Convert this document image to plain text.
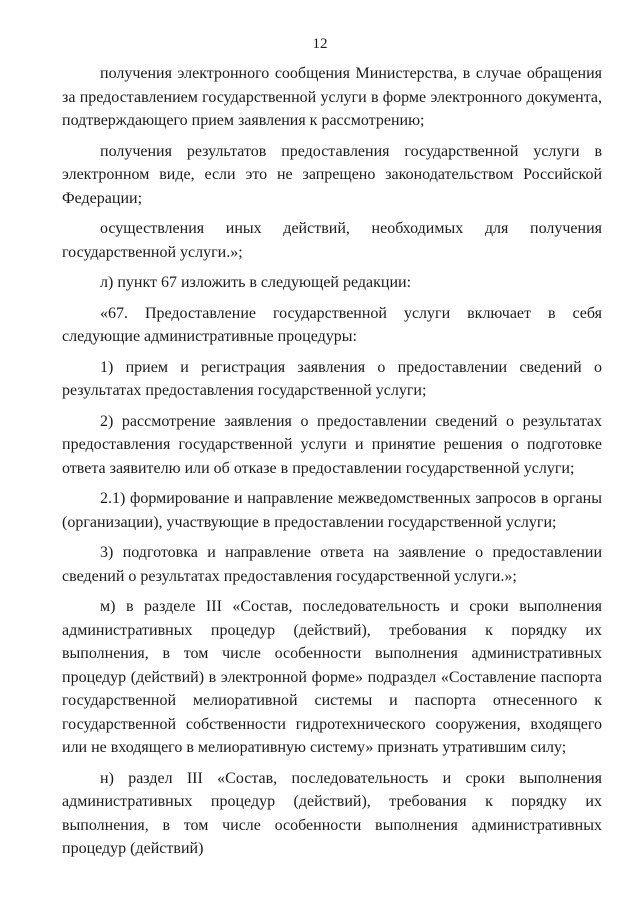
12

получения электронного сообщения Министерства, в случае обращения за предоставлением государственной услуги в форме электронного документа, подтверждающего прием заявления к рассмотрению;

получения результатов предоставления государственной услуги в электронном виде, если это не запрещено законодательством Российской Федерации;

осуществления иных действий, необходимых для получения государственной услуги.»;

л) пункт 67 изложить в следующей редакции:

«67. Предоставление государственной услуги включает в себя следующие административные процедуры:

1) прием и регистрация заявления о предоставлении сведений о результатах предоставления государственной услуги;

2) рассмотрение заявления о предоставлении сведений о результатах предоставления государственной услуги и принятие решения о подготовке ответа заявителю или об отказе в предоставлении государственной услуги;

2.1) формирование и направление межведомственных запросов в органы (организации), участвующие в предоставлении государственной услуги;

3) подготовка и направление ответа на заявление о предоставлении сведений о результатах предоставления государственной услуги.»;

м) в разделе III «Состав, последовательность и сроки выполнения административных процедур (действий), требования к порядку их выполнения, в том числе особенности выполнения административных процедур (действий) в электронной форме» подраздел «Составление паспорта государственной мелиоративной системы и паспорта отнесенного к государственной собственности гидротехнического сооружения, входящего или не входящего в мелиоративную систему» признать утратившим силу;

н) раздел III «Состав, последовательность и сроки выполнения административных процедур (действий), требования к порядку их выполнения, в том числе особенности выполнения административных процедур (действий)
